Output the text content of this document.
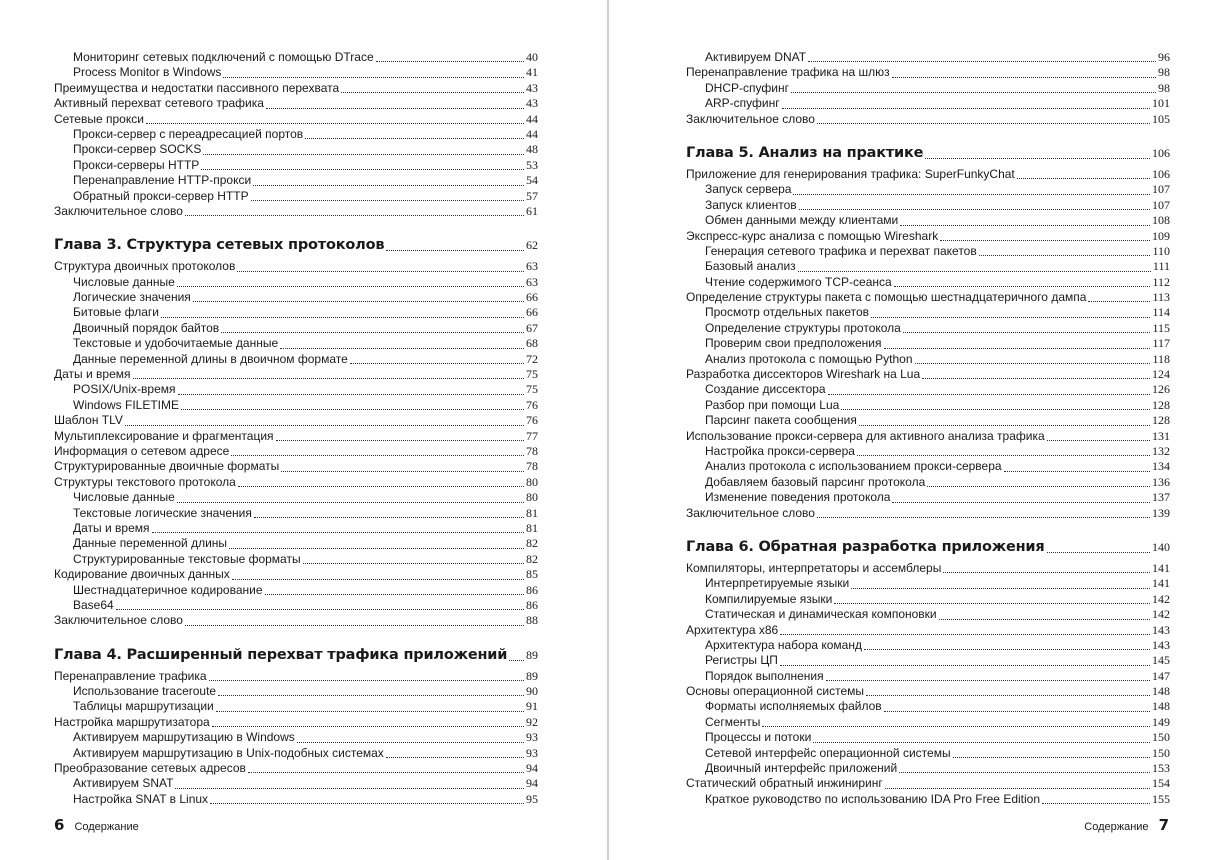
Мониторинг сетевых подключений с помощью DTrace	40
Process Monitor в Windows	41
Преимущества и недостатки пассивного перехвата	43
Активный перехват сетевого трафика	43
Сетевые прокси	44
Прокси-сервер с переадресацией портов	44
Прокси-сервер SOCKS	48
Прокси-серверы HTTP	53
Перенаправление HTTP-прокси	54
Обратный прокси-сервер HTTP	57
Заключительное слово	61
Глава 3. Структура сетевых протоколов	62
Структура двоичных протоколов	63
Числовые данные	63
Логические значения	66
Битовые флаги	66
Двоичный порядок байтов	67
Текстовые и удобочитаемые данные	68
Данные переменной длины в двоичном формате	72
Даты и время	75
POSIX/Unix-время	75
Windows FILETIME	76
Шаблон TLV	76
Мультиплексирование и фрагментация	77
Информация о сетевом адресе	78
Структурированные двоичные форматы	78
Структуры текстового протокола	80
Числовые данные	80
Текстовые логические значения	81
Даты и время	81
Данные переменной длины	82
Структурированные текстовые форматы	82
Кодирование двоичных данных	85
Шестнадцатеричное кодирование	86
Base64	86
Заключительное слово	88
Глава 4. Расширенный перехват трафика приложений 89
Перенаправление трафика	89
Использование traceroute	90
Таблицы маршрутизации	91
Настройка маршрутизатора	92
Активируем маршрутизацию в Windows	93
Активируем маршрутизацию в Unix-подобных системах	93
Преобразование сетевых адресов	94
Активируем SNAT	94
Настройка SNAT в Linux	95
6 Содержание
Активируем DNAT	96
Перенаправление трафика на шлюз	98
DHCP-спуфинг	98
ARP-спуфинг	101
Заключительное слово	105
Глава 5. Анализ на практике	106
Приложение для генерирования трафика: SuperFunkyChat	106
Запуск сервера	107
Запуск клиентов	107
Обмен данными между клиентами	108
Экспресс-курс анализа с помощью Wireshark	109
Генерация сетевого трафика и перехват пакетов	110
Базовый анализ	111
Чтение содержимого TCP-сеанса	112
Определение структуры пакета с помощью шестнадцатеричного дампа	113
Просмотр отдельных пакетов	114
Определение структуры протокола	115
Проверим свои предположения	117
Анализ протокола с помощью Python	118
Разработка диссекторов Wireshark на Lua	124
Создание диссектора	126
Разбор при помощи Lua	128
Парсинг пакета сообщения	128
Использование прокси-сервера для активного анализа трафика	131
Настройка прокси-сервера	132
Анализ протокола с использованием прокси-сервера	134
Добавляем базовый парсинг протокола	136
Изменение поведения протокола	137
Заключительное слово	139
Глава 6. Обратная разработка приложения	140
Компиляторы, интерпретаторы и ассемблеры	141
Интерпретируемые языки	141
Компилируемые языки	142
Статическая и динамическая компоновки	142
Архитектура x86	143
Архитектура набора команд	143
Регистры ЦП	145
Порядок выполнения	147
Основы операционной системы	148
Форматы исполняемых файлов	148
Сегменты	149
Процессы и потоки	150
Сетевой интерфейс операционной системы	150
Двоичный интерфейс приложений	153
Статический обратный инжиниринг	154
Краткое руководство по использованию IDA Pro Free Edition	155
Содержание 7
